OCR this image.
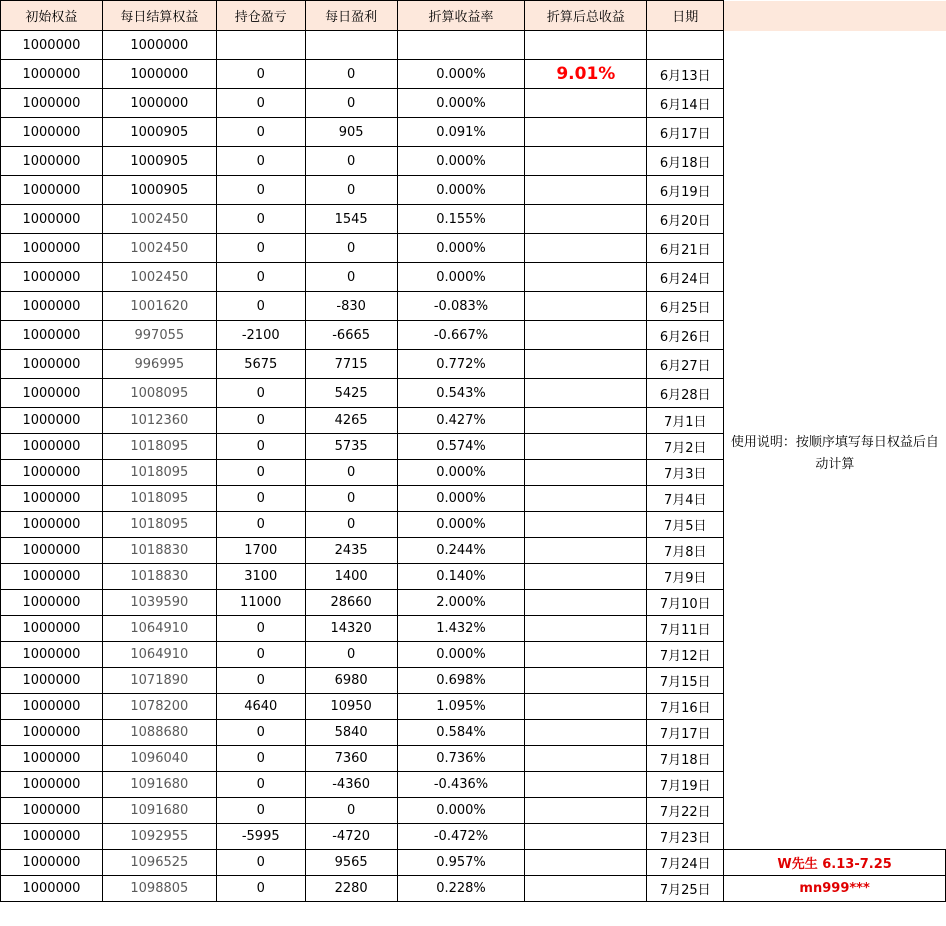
初始权益	每日结算权益	持仓盈亏	每日盈利	折算收益率	折算后总收益	日期	
1000000	1000000						
1000000	1000000	0	0	0.000%	9.01%	6月13日	使用说明：按顺序填写每日权益后自动计算

1000000	1000000	0	0	0.000%		6月14日	
1000000	1000905	0	905	0.091%		6月17日	
1000000	1000905	0	0	0.000%		6月18日	
1000000	1000905	0	0	0.000%		6月19日	
1000000	1002450	0	1545	0.155%		6月20日	
1000000	1002450	0	0	0.000%		6月21日	
1000000	1002450	0	0	0.000%		6月24日	
1000000	1001620	0	-830	-0.083%		6月25日	
1000000	997055	-2100	-6665	-0.667%		6月26日	
1000000	996995	5675	7715	0.772%		6月27日	
1000000	1008095	0	5425	0.543%		6月28日	
1000000	1012360	0	4265	0.427%		7月1日	
1000000	1018095	0	5735	0.574%		7月2日	
1000000	1018095	0	0	0.000%		7月3日	
1000000	1018095	0	0	0.000%		7月4日	
1000000	1018095	0	0	0.000%		7月5日	
1000000	1018830	1700	2435	0.244%		7月8日	
1000000	1018830	3100	1400	0.140%		7月9日	
1000000	1039590	11000	28660	2.000%		7月10日	
1000000	1064910	0	14320	1.432%		7月11日	
1000000	1064910	0	0	0.000%		7月12日	
1000000	1071890	0	6980	0.698%		7月15日	
1000000	1078200	4640	10950	1.095%		7月16日	
1000000	1088680	0	5840	0.584%		7月17日	
1000000	1096040	0	7360	0.736%		7月18日	
1000000	1091680	0	-4360	-0.436%		7月19日	
1000000	1091680	0	0	0.000%		7月22日	
1000000	1092955	-5995	-4720	-0.472%		7月23日	
1000000	1096525	0	9565	0.957%		7月24日	W先生 6.13-7.25
1000000	1098805	0	2280	0.228%		7月25日	mn999***
